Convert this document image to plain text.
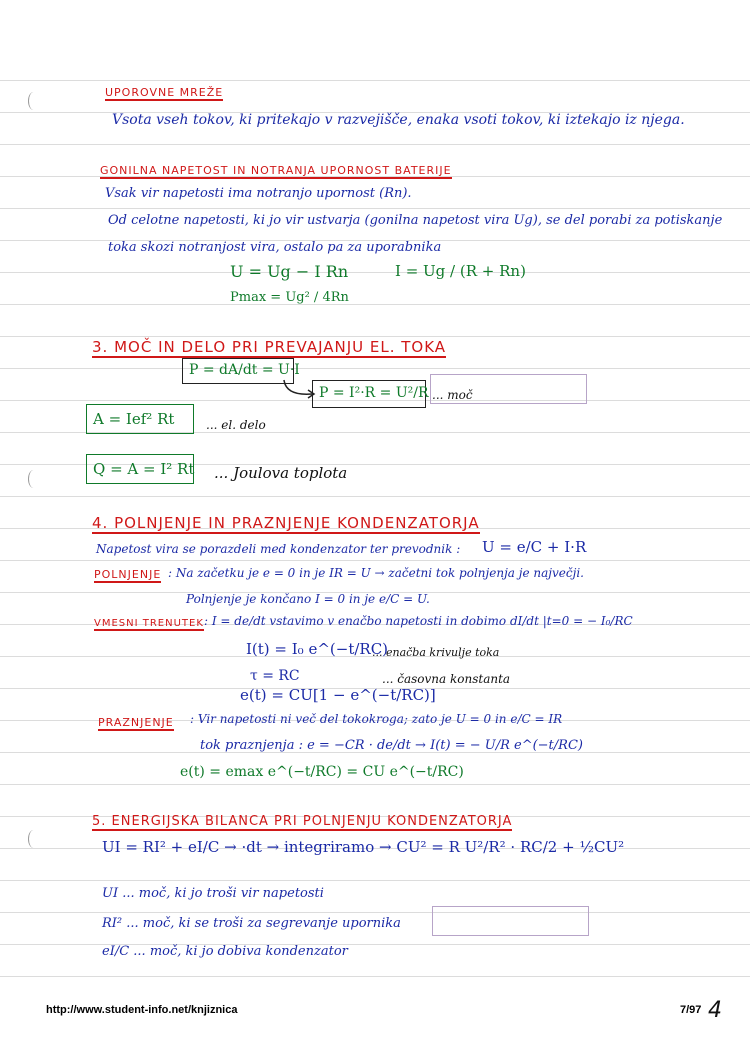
UPOROVNE MREŽE
Vsota vseh tokov, ki pritekajo v razvejišče, enaka vsoti tokov, ki iztekajo iz njega.
GONILNA NAPETOST IN NOTRANJA UPORNOST BATERIJE
Vsak vir napetosti ima notranjo upornost (Rn).
Od celotne napetosti, ki jo vir ustvarja (gonilna napetost vira Ug), se del porabi za potiskanje
toka skozi notranjost vira, ostalo pa za uporabnika
U = Ug − I Rn	I = Ug / (R + Rn)
Pmax = Ug² / 4Rn
3. MOČ IN DELO PRI PREVAJANJU EL. TOKA
P = dA/dt = U·I
P = I²·R = U²/R ... moč
A = Ief² Rt	... el. delo
Q = A = I² Rt ... Joulova toplota
4. POLNJENJE IN PRAZNJENJE KONDENZATORJA
Napetost vira se porazdeli med kondenzator ter prevodnik : U = e/C + I·R
POLNJENJE : Na začetku je e = 0 in je IR = U → začetni tok polnjenja je največji.
Polnjenje je končano I = 0 in je e/C = U.
VMESNI TRENUTEK : I = de/dt vstavimo v enačbo napetosti in dobimo dI/dt |t=0 = − I₀/RC
I(t) = I₀ e^(−t/RC)
... enačba krivulje toka
τ = RC	... časovna konstanta
e(t) = CU[1 − e^(−t/RC)]
PRAZNJENJE : Vir napetosti ni več del tokokroga; zato je U = 0 in e/C = IR
tok praznjenja : e = −CR · de/dt → I(t) = − U/R e^(−t/RC)
e(t) = emax e^(−t/RC) = CU e^(−t/RC)
5. ENERGIJSKA BILANCA PRI POLNJENJU KONDENZATORJA
UI = RI² + eI/C → ·dt → integriramo → CU² = R U²/R² · RC/2 + ½CU²
UI ... moč, ki jo troši vir napetosti
RI² ... moč, ki se troši za segrevanje upornika
eI/C ... moč, ki jo dobiva kondenzator
http://www.student-info.net/knjiznica	7/97 4
